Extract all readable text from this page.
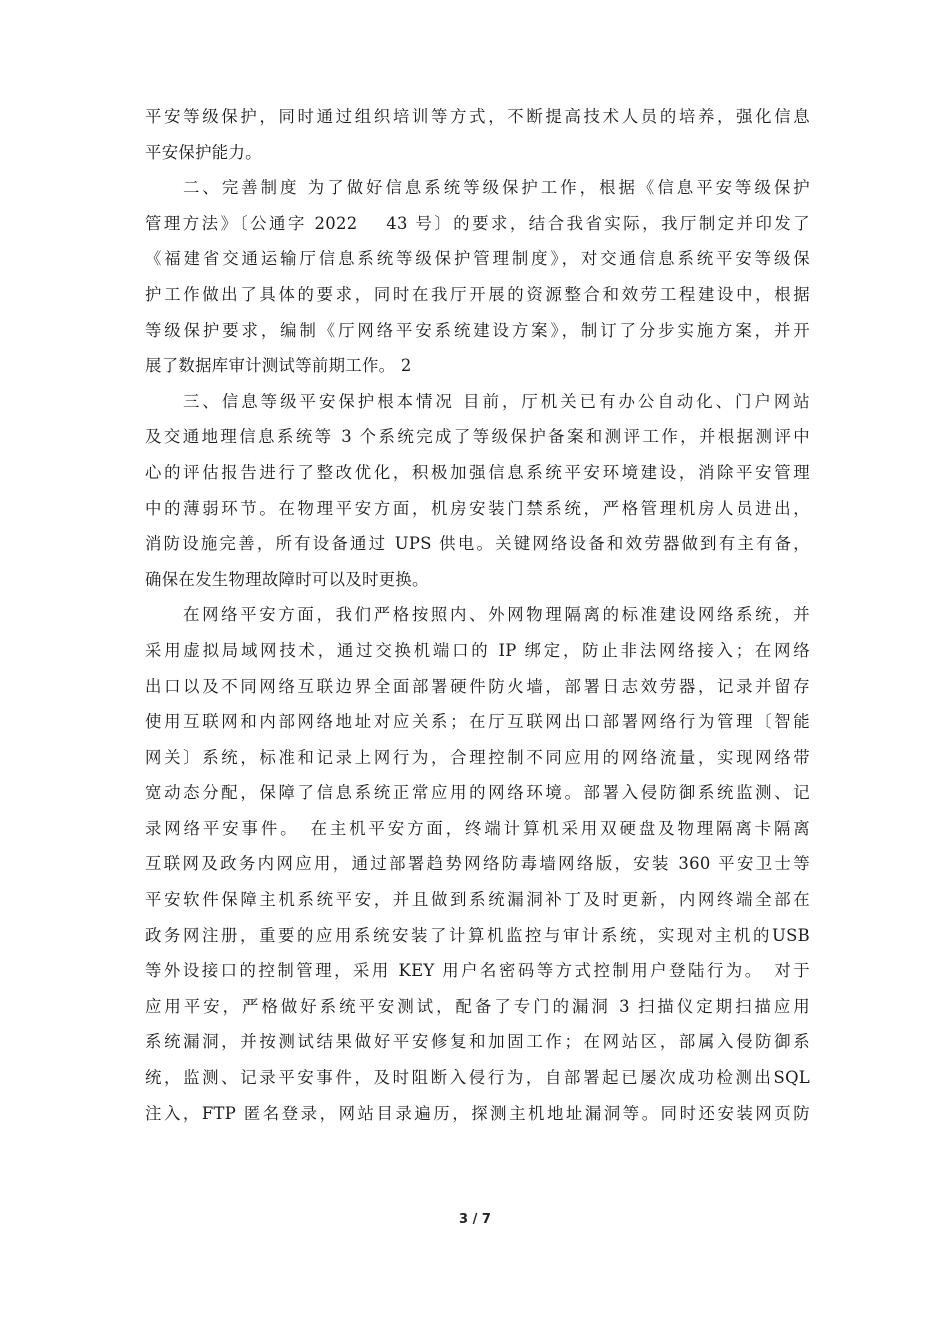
平安等级保护，同时通过组织培训等方式，不断提高技术人员的培养，强化信息
平安保护能力。
二、完善制度 为了做好信息系统等级保护工作，根据《信息平安等级保护
管理方法》〔公通字 2022　 43 号〕的要求，结合我省实际，我厅制定并印发了
《福建省交通运输厅信息系统等级保护管理制度》，对交通信息系统平安等级保
护工作做出了具体的要求，同时在我厅开展的资源整合和效劳工程建设中，根据
等级保护要求，编制《厅网络平安系统建设方案》，制订了分步实施方案，并开
展了数据库审计测试等前期工作。 2
三、信息等级平安保护根本情况 目前，厅机关已有办公自动化、门户网站
及交通地理信息系统等 3 个系统完成了等级保护备案和测评工作，并根据测评中
心的评估报告进行了整改优化，积极加强信息系统平安环境建设，消除平安管理
中的薄弱环节。在物理平安方面，机房安装门禁系统，严格管理机房人员进出，
消防设施完善，所有设备通过 UPS 供电。关键网络设备和效劳器做到有主有备，
确保在发生物理故障时可以及时更换。
在网络平安方面，我们严格按照内、外网物理隔离的标准建设网络系统，并
采用虚拟局域网技术，通过交换机端口的 IP 绑定，防止非法网络接入；在网络
出口以及不同网络互联边界全面部署硬件防火墙，部署日志效劳器，记录并留存
使用互联网和内部网络地址对应关系；在厅互联网出口部署网络行为管理〔智能
网关〕系统，标准和记录上网行为，合理控制不同应用的网络流量，实现网络带
宽动态分配，保障了信息系统正常应用的网络环境。部署入侵防御系统监测、记
录网络平安事件。　在主机平安方面，终端计算机采用双硬盘及物理隔离卡隔离
互联网及政务内网应用，通过部署趋势网络防毒墙网络版，安装 360 平安卫士等
平安软件保障主机系统平安，并且做到系统漏洞补丁及时更新，内网终端全部在
政务网注册，重要的应用系统安装了计算机监控与审计系统，实现对主机的USB
等外设接口的控制管理，采用 KEY 用户名密码等方式控制用户登陆行为。　对于
应用平安，严格做好系统平安测试，配备了专门的漏洞 3 扫描仪定期扫描应用
系统漏洞，并按测试结果做好平安修复和加固工作；在网站区，部属入侵防御系
统，监测、记录平安事件，及时阻断入侵行为，自部署起已屡次成功检测出SQL
注入，FTP 匿名登录，网站目录遍历，探测主机地址漏洞等。同时还安装网页防
3 / 7
